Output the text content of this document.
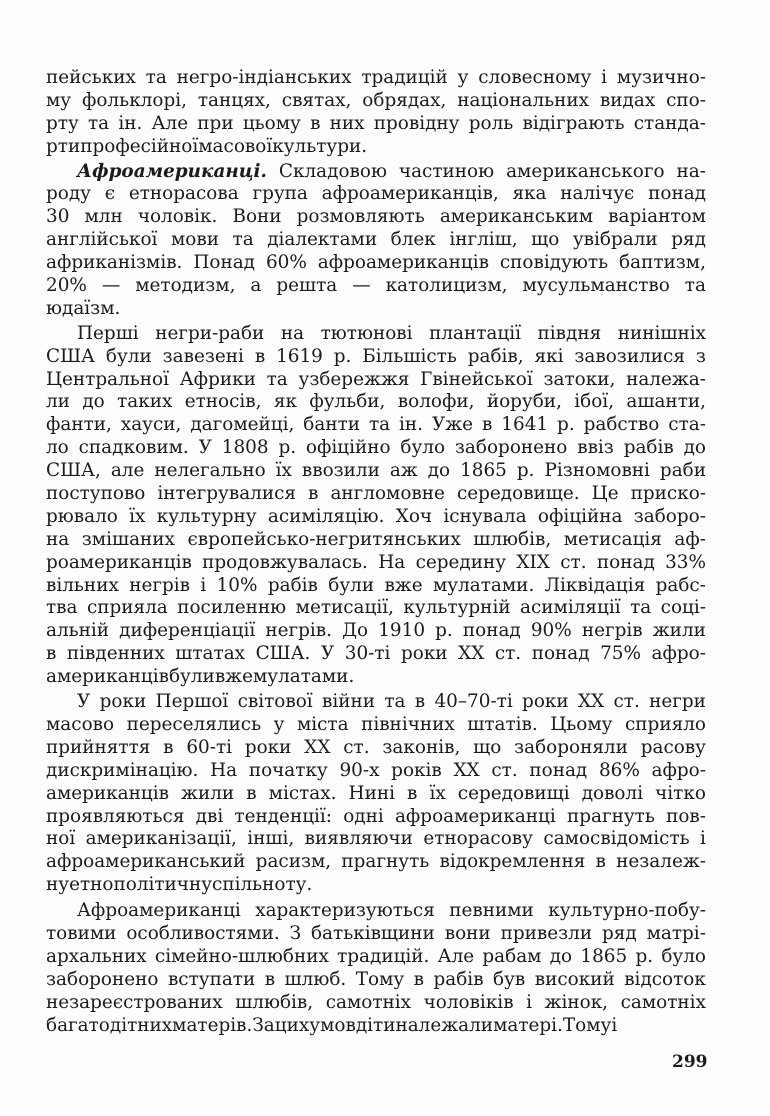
пейських та негро-індіанських традицій у словесному і музично-
му фольклорі, танцях, святах, обрядах, національних видах спо-
рту та ін. Але при цьому в них провідну роль відіграють станда-
рти професійної масової культури.
Афроамериканці. Складовою частиною американського на-
роду є етнорасова група афроамериканців, яка налічує понад
30 млн чоловік. Вони розмовляють американським варіантом
англійської мови та діалектами блек інгліш, що увібрали ряд
африканізмів. Понад 60% афроамериканців сповідують баптизм,
20% — методизм, а решта — католицизм, мусульманство та
юдаїзм.
Перші негри-раби на тютюнові плантації півдня нинішніх
США були завезені в 1619 р. Більшість рабів, які завозилися з
Центральної Африки та узбережжя Гвінейської затоки, належа-
ли до таких етносів, як фульби, волофи, йоруби, ібої, ашанти,
фанти, хауси, дагомейці, банти та ін. Уже в 1641 р. рабство ста-
ло спадковим. У 1808 р. офіційно було заборонено ввіз рабів до
США, але нелегально їх ввозили аж до 1865 р. Різномовні раби
поступово інтегрувалися в англомовне середовище. Це приско-
рювало їх культурну асиміляцію. Хоч існувала офіційна заборо-
на змішаних європейсько-негритянських шлюбів, метисація аф-
роамериканців продовжувалась. На середину XIX ст. понад 33%
вільних негрів і 10% рабів були вже мулатами. Ліквідація рабс-
тва сприяла посиленню метисації, культурній асиміляції та соці-
альній диференціації негрів. До 1910 р. понад 90% негрів жили
в південних штатах США. У 30-ті роки XX ст. понад 75% афро-
американців були вже мулатами.
У роки Першої світової війни та в 40–70-ті роки XX ст. негри
масово переселялись у міста північних штатів. Цьому сприяло
прийняття в 60-ті роки XX ст. законів, що забороняли расову
дискримінацію. На початку 90-х років XX ст. понад 86% афро-
американців жили в містах. Нині в їх середовищі доволі чітко
проявляються дві тенденції: одні афроамериканці прагнуть пов-
ної американізації, інші, виявляючи етнорасову самосвідомість і
афроамериканський расизм, прагнуть відокремлення в незалеж-
ну етнополітичну спільноту.
Афроамериканці характеризуються певними культурно-побу-
товими особливостями. З батьківщини вони привезли ряд матрі-
архальних сімейно-шлюбних традицій. Але рабам до 1865 р. було
заборонено вступати в шлюб. Тому в рабів був високий відсоток
незареєстрованих шлюбів, самотніх чоловіків і жінок, самотніх
багатодітних матерів. За цих умов діти належали матері. Тому і
299
